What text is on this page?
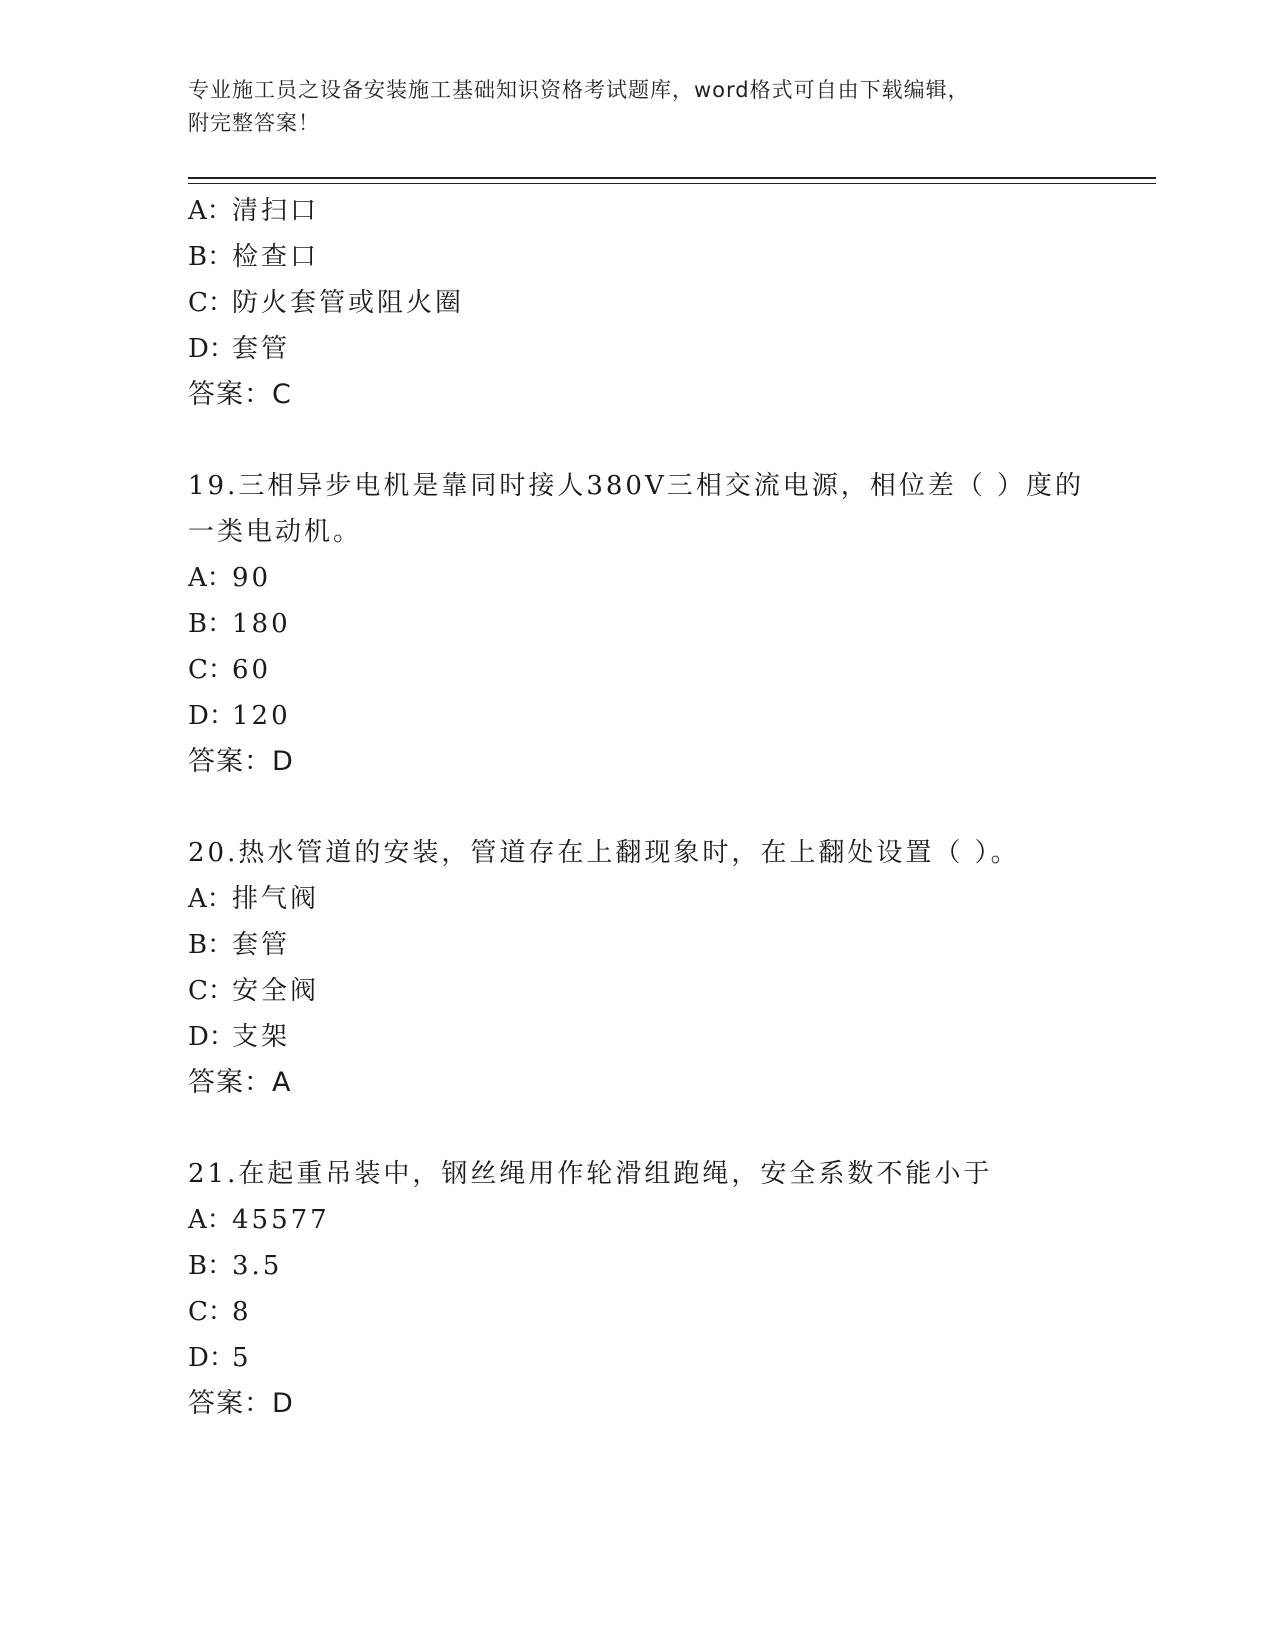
专业施工员之设备安装施工基础知识资格考试题库，word格式可自由下载编辑，
附完整答案！
A：清扫口
B：检查口
C：防火套管或阻火圈
D：套管
答案：C
19.三相异步电机是靠同时接人380V三相交流电源，相位差（ ）度的
一类电动机。
A：90
B：180
C：60
D：120
答案：D
20.热水管道的安装，管道存在上翻现象时，在上翻处设置（ ）。
A：排气阀
B：套管
C：安全阀
D：支架
答案：A
21.在起重吊装中，钢丝绳用作轮滑组跑绳，安全系数不能小于
A：45577
B：3.5
C：8
D：5
答案：D
